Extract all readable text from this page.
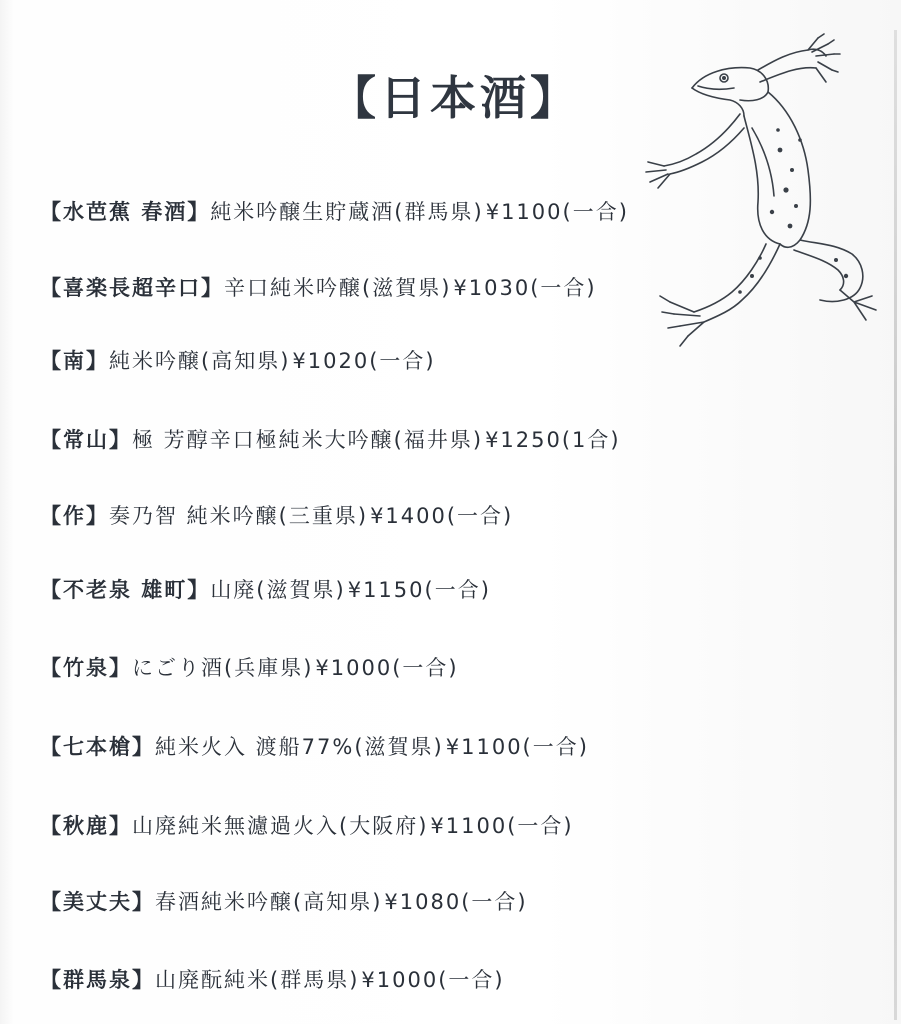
【日本酒】
【水芭蕉 春酒】純米吟醸生貯蔵酒(群馬県)¥1100(一合)
【喜楽長超辛口】辛口純米吟醸(滋賀県)¥1030(一合)
【南】純米吟醸(高知県)¥1020(一合)
【常山】極 芳醇辛口極純米大吟醸(福井県)¥1250(1合)
【作】奏乃智 純米吟醸(三重県)¥1400(一合)
【不老泉 雄町】山廃(滋賀県)¥1150(一合)
【竹泉】にごり酒(兵庫県)¥1000(一合)
【七本槍】純米火入 渡船77%(滋賀県)¥1100(一合)
【秋鹿】山廃純米無濾過火入(大阪府)¥1100(一合)
【美丈夫】春酒純米吟醸(高知県)¥1080(一合)
【群馬泉】山廃酛純米(群馬県)¥1000(一合)
